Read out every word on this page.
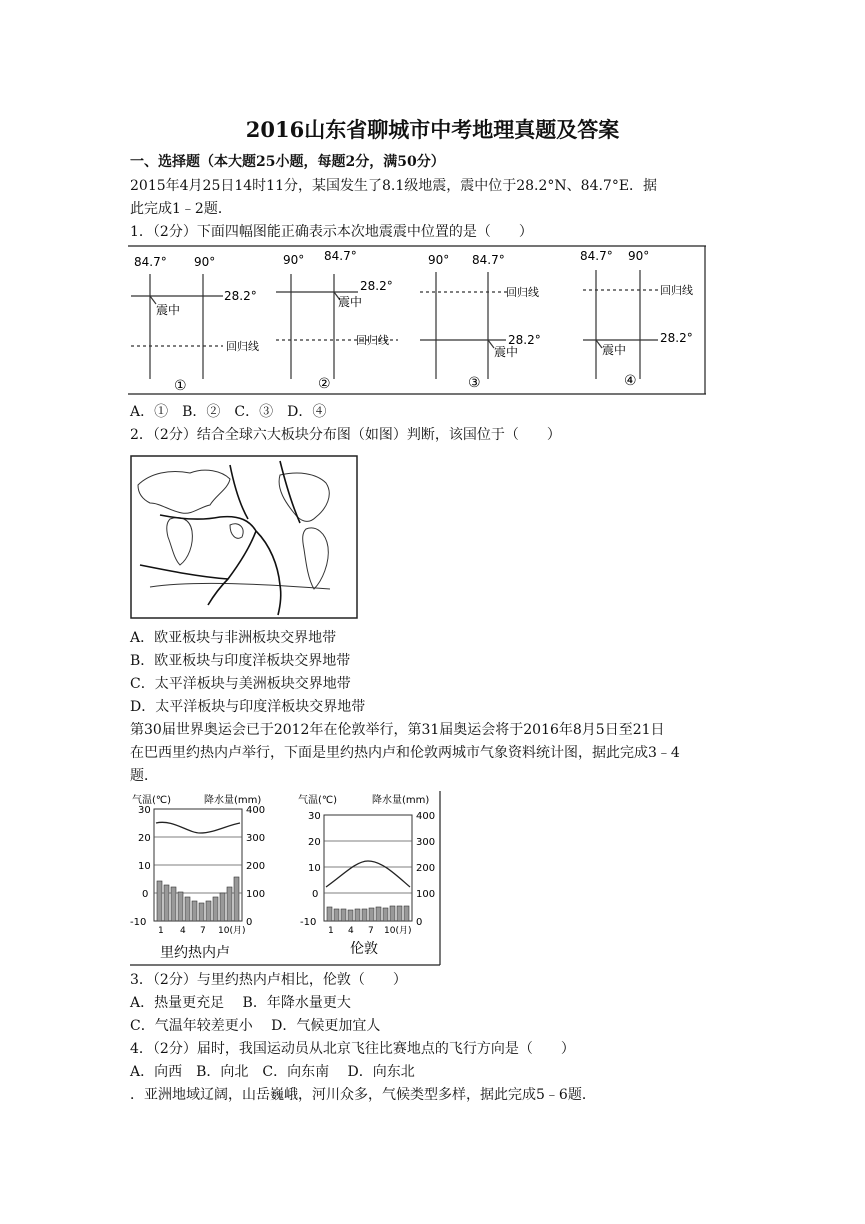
2016山东省聊城市中考地理真题及答案
一、选择题（本大题25小题，每题2分，满50分）
2015年4月25日14时11分，某国发生了8.1级地震，震中位于28.2°N、84.7°E．据
此完成1﹣2题．
1．（2分）下面四幅图能正确表示本次地震震中位置的是（　　）
84.7° 90°
28.2°
震中
回归线
①
90° 84.7°
28.2°
震中
回归线
②
90° 84.7°
回归线
28.2°
震中
③
84.7° 90°
回归线
28.2°
震中
④
A．①　B．②　C．③　D．④
2．（2分）结合全球六大板块分布图（如图）判断，该国位于（　　）
A．欧亚板块与非洲板块交界地带
B．欧亚板块与印度洋板块交界地带
C．太平洋板块与美洲板块交界地带
D．太平洋板块与印度洋板块交界地带
第30届世界奥运会已于2012年在伦敦举行，第31届奥运会将于2016年8月5日至21日
在巴西里约热内卢举行，下面是里约热内卢和伦敦两城市气象资料统计图，据此完成3﹣4
题．
气温(℃)	降水量(mm)
30
20
10
0
-10
400
300
200
100
0
1 4 7 10(月)
里约热内卢
气温(℃)	降水量(mm)
30
20
10
0
-10
400
300
200
100
0
1 4 7 10(月)
伦敦
3．（2分）与里约热内卢相比，伦敦（　　）
A．热量更充足　 B．年降水量更大
C．气温年较差更小　 D．气候更加宜人
4．（2分）届时，我国运动员从北京飞往比赛地点的飞行方向是（　　）
A．向西　B．向北　C．向东南　 D．向东北
．亚洲地域辽阔，山岳巍峨，河川众多，气候类型多样，据此完成5﹣6题．
